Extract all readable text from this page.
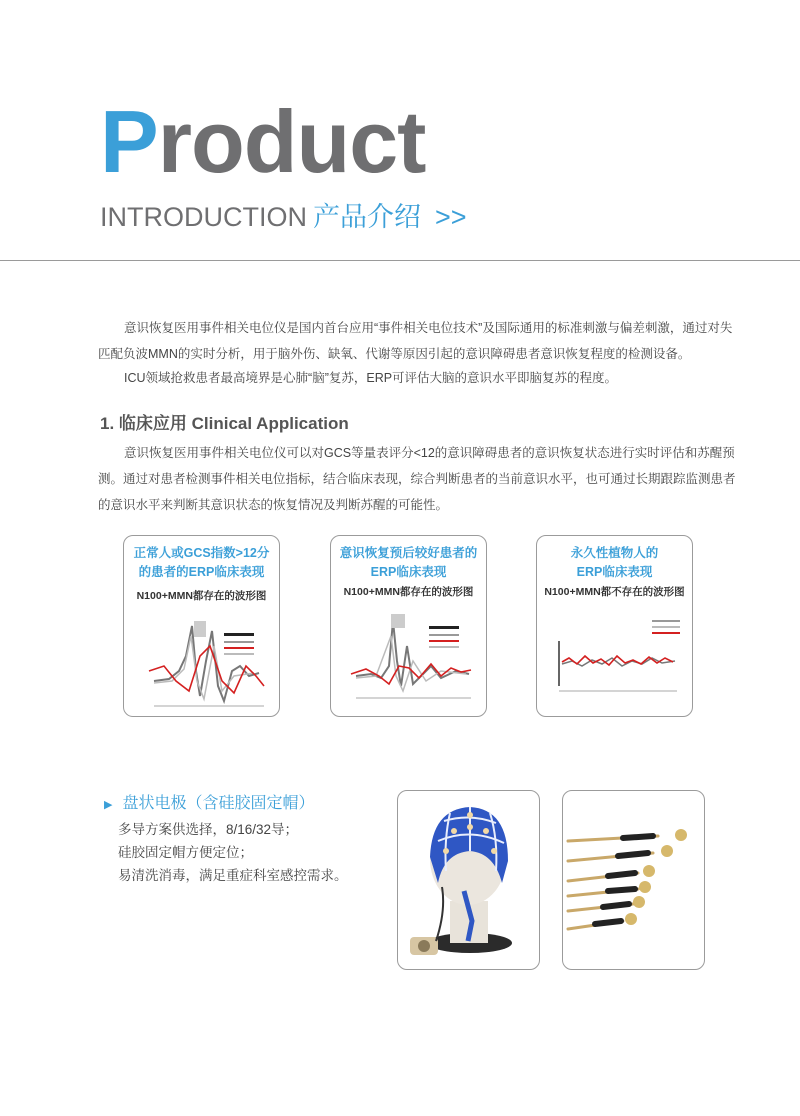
Product
INTRODUCTION 产品介绍 >>

意识恢复医用事件相关电位仪是国内首台应用“事件相关电位技术”及国际通用的标准刺激与偏差刺激，通过对失匹配负波MMN的实时分析，用于脑外伤、缺氧、代谢等原因引起的意识障碍患者意识恢复程度的检测设备。

ICU领域抢救患者最高境界是心肺“脑”复苏，ERP可评估大脑的意识水平即脑复苏的程度。

1. 临床应用 Clinical Application

意识恢复医用事件相关电位仪可以对GCS等量表评分<12的意识障碍患者的意识恢复状态进行实时评估和苏醒预测。通过对患者检测事件相关电位指标，结合临床表现，综合判断患者的当前意识水平，也可通过长期跟踪监测患者的意识水平来判断其意识状态的恢复情况及判断苏醒的可能性。

正常人或GCS指数>12分
的患者的ERP临床表现
N100+MMN都存在的波形图
意识恢复预后较好患者的
ERP临床表现
N100+MMN都存在的波形图
永久性植物人的
ERP临床表现
N100+MMN都不存在的波形图
▶ 盘状电极（含硅胶固定帽）
多导方案供选择，8/16/32导；
硅胶固定帽方便定位；
易清洗消毒，满足重症科室感控需求。
